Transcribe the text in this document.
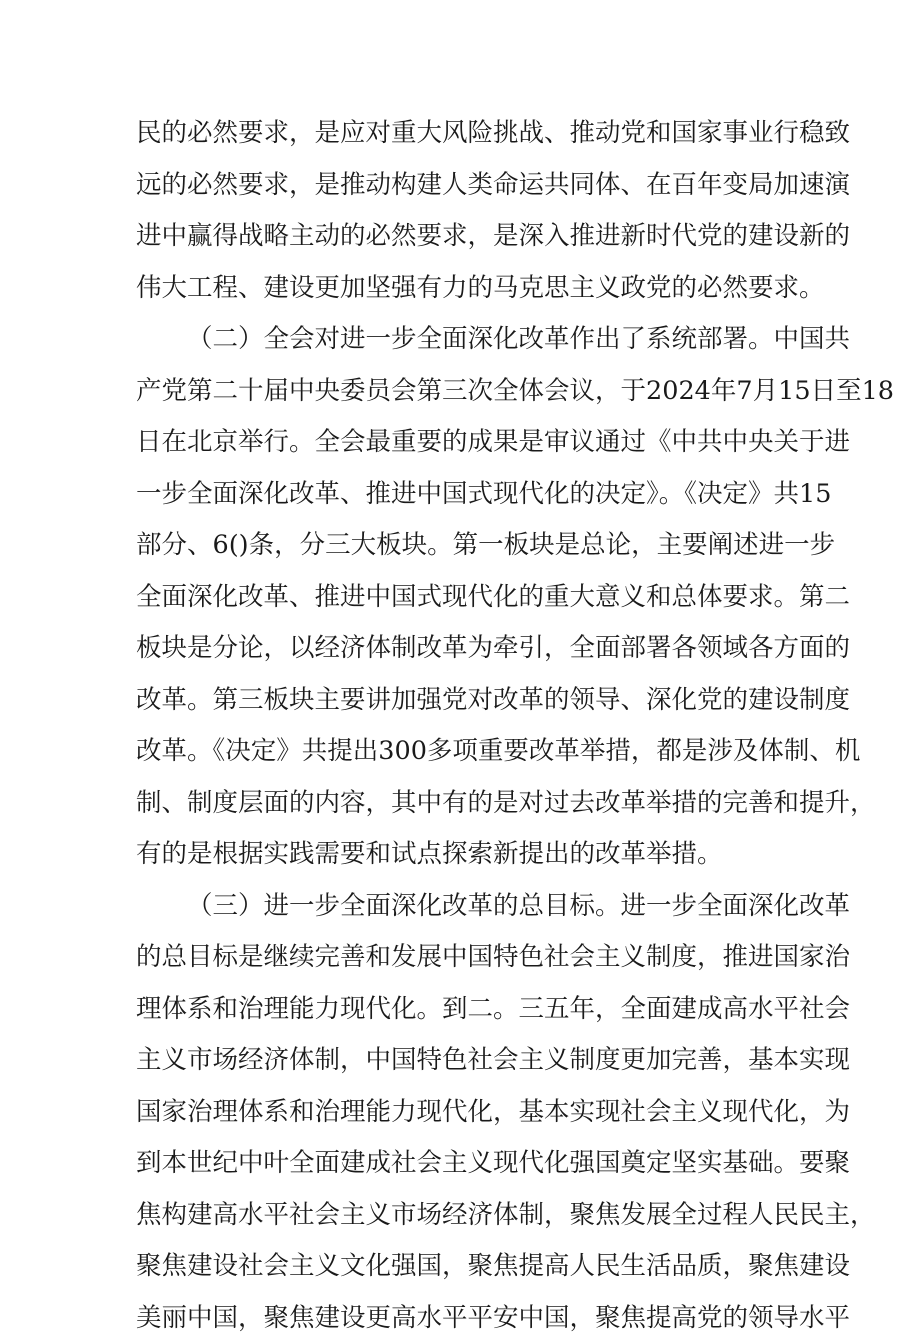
民的必然要求，是应对重大风险挑战、推动党和国家事业行稳致
远的必然要求，是推动构建人类命运共同体、在百年变局加速演
进中赢得战略主动的必然要求，是深入推进新时代党的建设新的
伟大工程、建设更加坚强有力的马克思主义政党的必然要求。
（二）全会对进一步全面深化改革作出了系统部署。中国共
产党第二十届中央委员会第三次全体会议，于2024年7月15日至18
日在北京举行。全会最重要的成果是审议通过《中共中央关于进
一步全面深化改革、推进中国式现代化的决定》。《决定》共15
部分、6()条，分三大板块。第一板块是总论，主要阐述进一步
全面深化改革、推进中国式现代化的重大意义和总体要求。第二
板块是分论，以经济体制改革为牵引，全面部署各领域各方面的
改革。第三板块主要讲加强党对改革的领导、深化党的建设制度
改革。《决定》共提出300多项重要改革举措，都是涉及体制、机
制、制度层面的内容，其中有的是对过去改革举措的完善和提升，
有的是根据实践需要和试点探索新提出的改革举措。
（三）进一步全面深化改革的总目标。进一步全面深化改革
的总目标是继续完善和发展中国特色社会主义制度，推进国家治
理体系和治理能力现代化。到二。三五年，全面建成高水平社会
主义市场经济体制，中国特色社会主义制度更加完善，基本实现
国家治理体系和治理能力现代化，基本实现社会主义现代化，为
到本世纪中叶全面建成社会主义现代化强国奠定坚实基础。要聚
焦构建高水平社会主义市场经济体制，聚焦发展全过程人民民主，
聚焦建设社会主义文化强国，聚焦提高人民生活品质，聚焦建设
美丽中国，聚焦建设更高水平平安中国，聚焦提高党的领导水平
